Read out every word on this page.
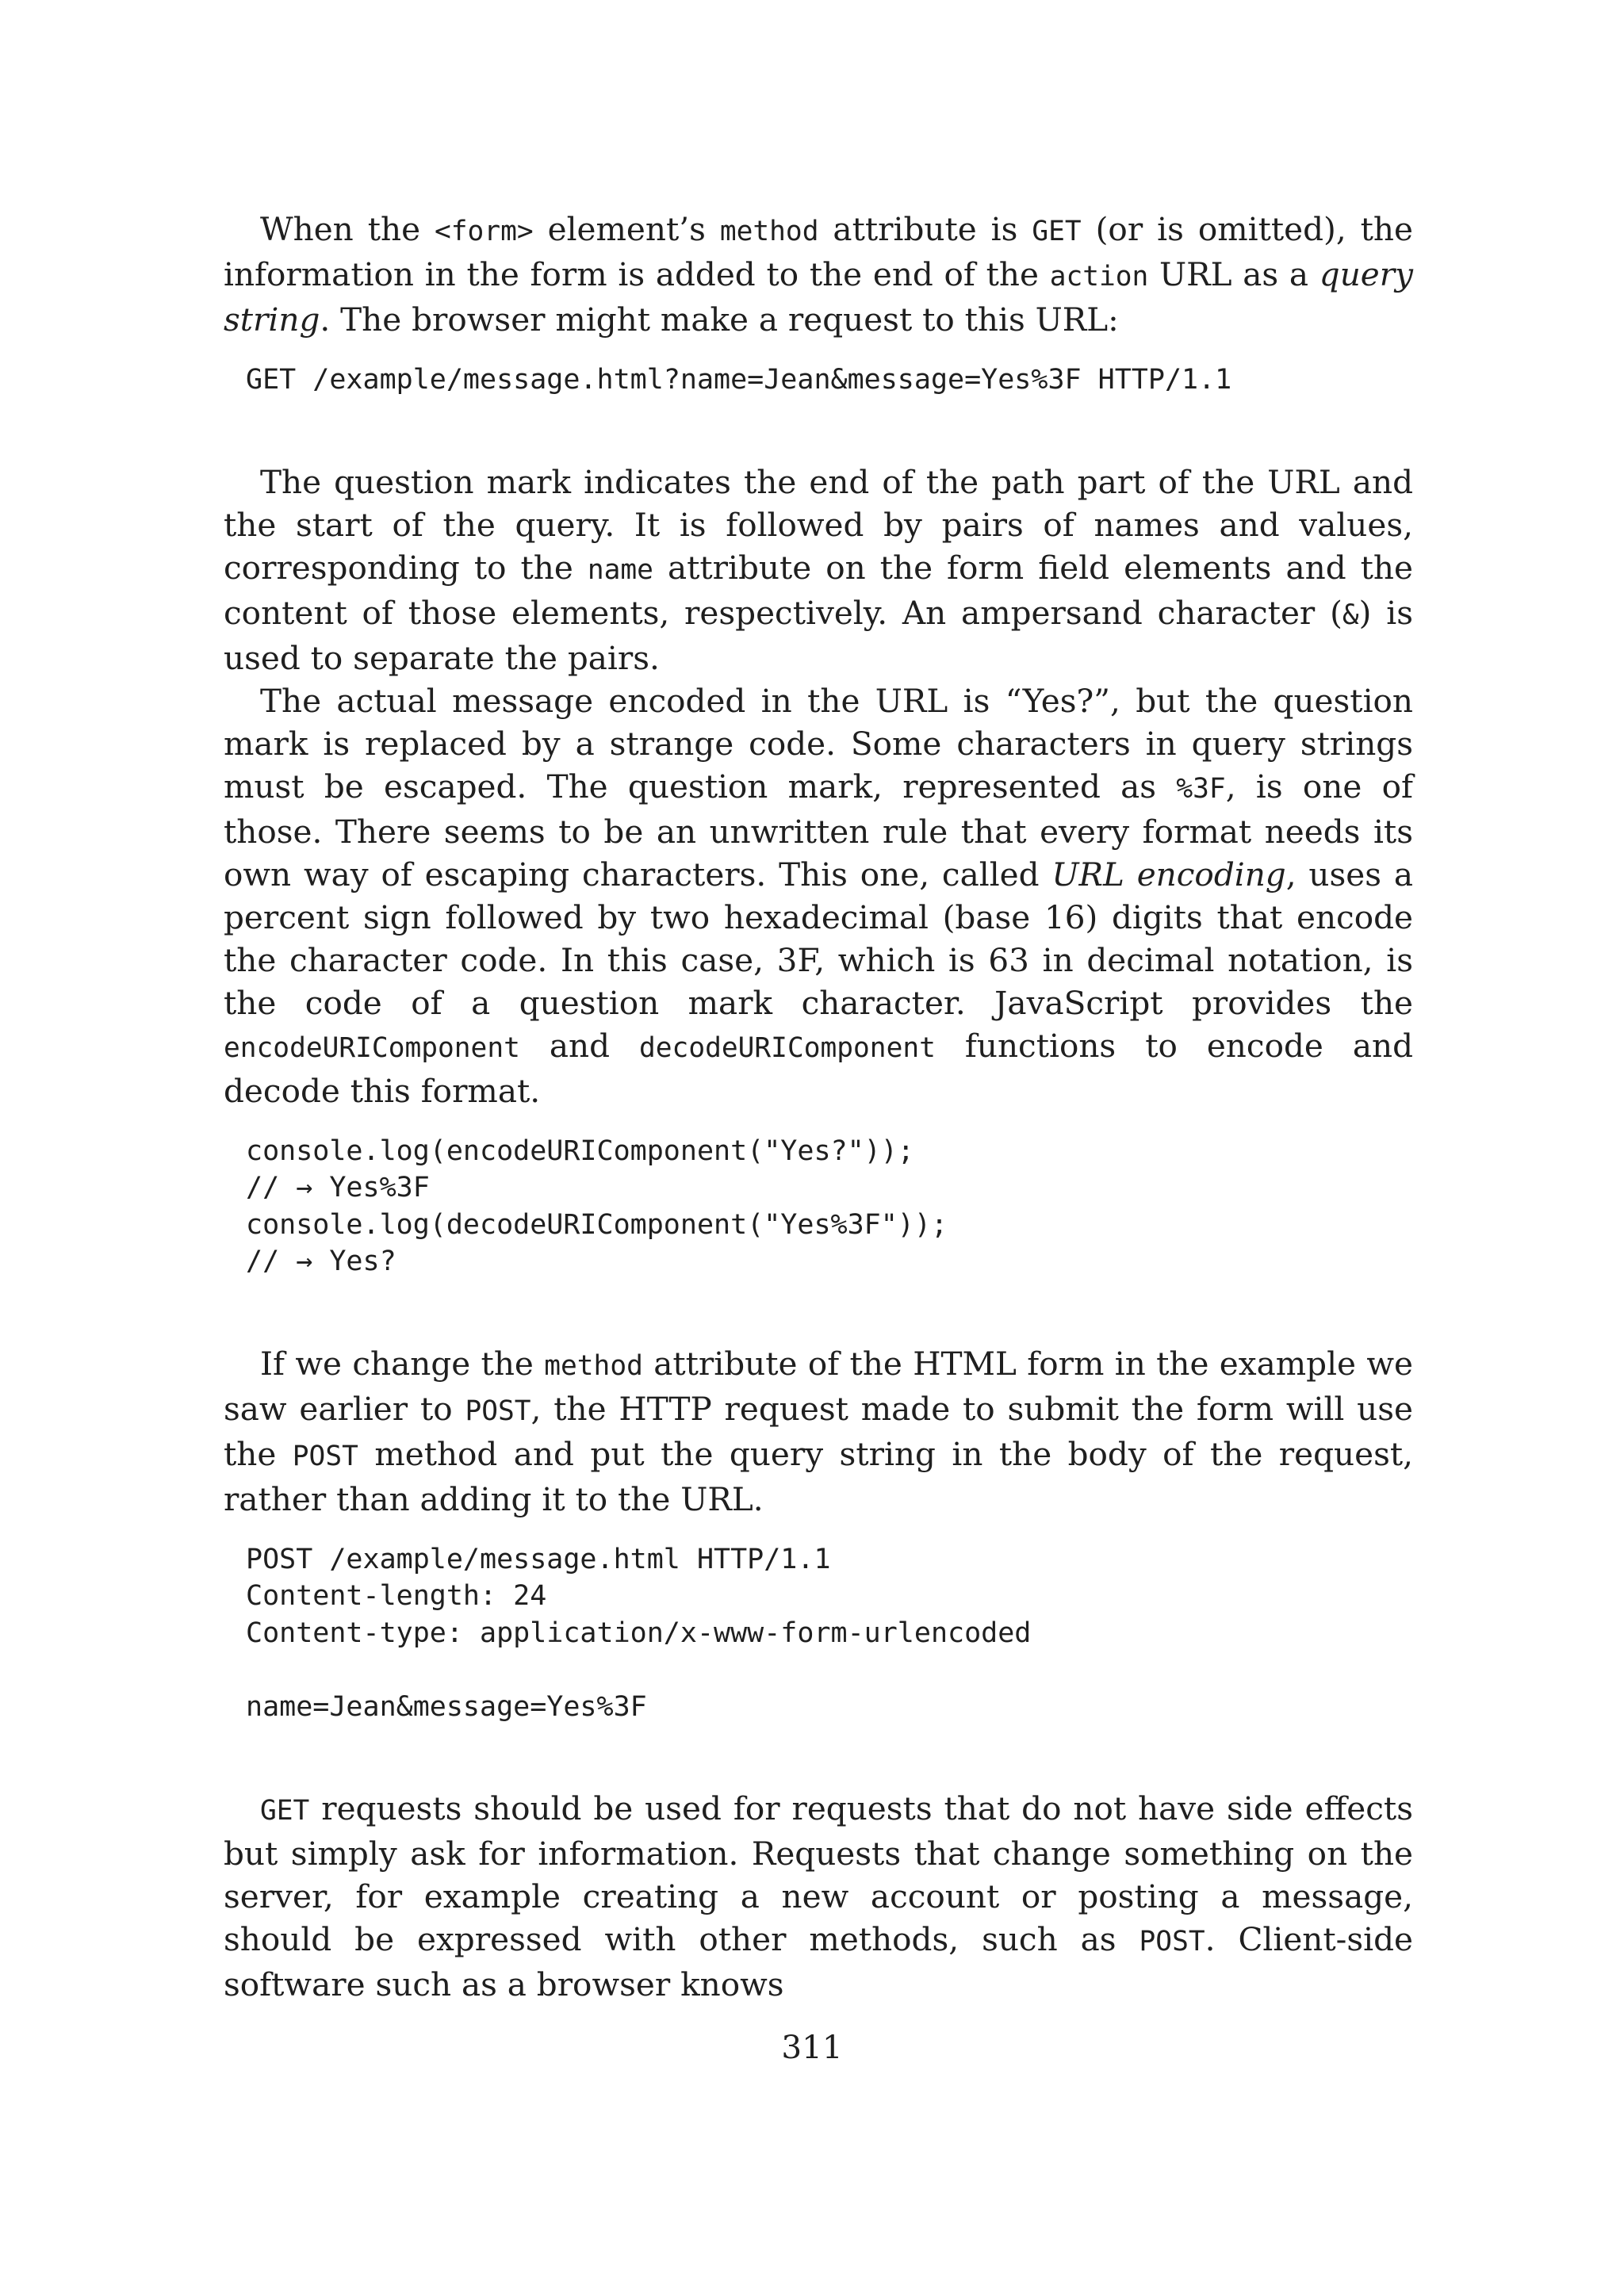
When the <form> element’s method attribute is GET (or is omitted), the information in the form is added to the end of the action URL as a query string. The browser might make a request to this URL:

GET /example/message.html?name=Jean&message=Yes%3F HTTP/1.1

The question mark indicates the end of the path part of the URL and the start of the query. It is followed by pairs of names and values, corresponding to the name attribute on the form field elements and the content of those elements, respectively. An ampersand character (&) is used to separate the pairs.

The actual message encoded in the URL is “Yes?”, but the question mark is replaced by a strange code. Some characters in query strings must be escaped. The question mark, represented as %3F, is one of those. There seems to be an unwritten rule that every format needs its own way of escaping characters. This one, called URL encoding, uses a percent sign followed by two hexadecimal (base 16) digits that encode the character code. In this case, 3F, which is 63 in decimal notation, is the code of a question mark character. JavaScript provides the encodeURIComponent and decodeURIComponent functions to encode and decode this format.

console.log(encodeURIComponent("Yes?"));
// → Yes%3F
console.log(decodeURIComponent("Yes%3F"));
// → Yes?

If we change the method attribute of the HTML form in the example we saw earlier to POST, the HTTP request made to submit the form will use the POST method and put the query string in the body of the request, rather than adding it to the URL.

POST /example/message.html HTTP/1.1
Content-length: 24
Content-type: application/x-www-form-urlencoded
name=Jean&message=Yes%3F

GET requests should be used for requests that do not have side effects but simply ask for information. Requests that change something on the server, for example creating a new account or posting a message, should be expressed with other methods, such as POST. Client-side software such as a browser knows

311
